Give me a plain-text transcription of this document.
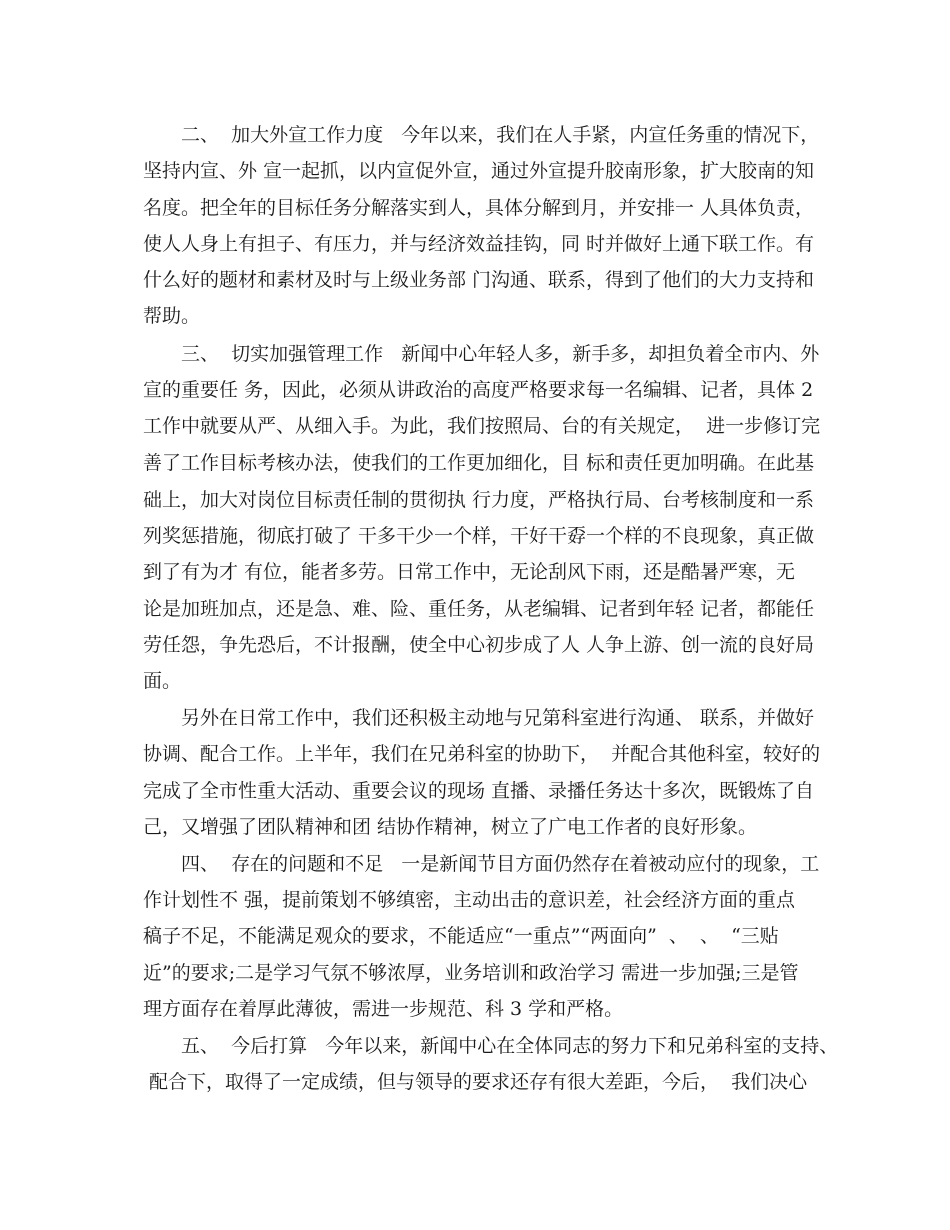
二、  加大外宣工作力度   今年以来，我们在人手紧，内宣任务重的情况下，
坚持内宣、外 宣一起抓，以内宣促外宣，通过外宣提升胶南形象，扩大胶南的知
名度。把全年的目标任务分解落实到人，具体分解到月，并安排一 人具体负责，
使人人身上有担子、有压力，并与经济效益挂钩，同 时并做好上通下联工作。有
什么好的题材和素材及时与上级业务部 门沟通、联系，得到了他们的大力支持和
帮助。
三、  切实加强管理工作   新闻中心年轻人多，新手多，却担负着全市内、外
宣的重要任 务，因此，必须从讲政治的高度严格要求每一名编辑、记者，具体 2
工作中就要从严、从细入手。为此，我们按照局、台的有关规定，  进一步修订完
善了工作目标考核办法，使我们的工作更加细化，目 标和责任更加明确。在此基
础上，加大对岗位目标责任制的贯彻执 行力度，严格执行局、台考核制度和一系
列奖惩措施，彻底打破了 干多干少一个样，干好干孬一个样的不良现象，真正做
到了有为才 有位，能者多劳。日常工作中，无论刮风下雨，还是酷暑严寒，无
论是加班加点，还是急、难、险、重任务，从老编辑、记者到年轻 记者，都能任
劳任怨，争先恐后，不计报酬，使全中心初步成了人 人争上游、创一流的良好局
面。
另外在日常工作中，我们还积极主动地与兄第科室进行沟通、 联系，并做好
协调、配合工作。上半年，我们在兄弟科室的协助下，  并配合其他科室，较好的
完成了全市性重大活动、重要会议的现场 直播、录播任务达十多次，既锻炼了自
己，又增强了团队精神和团 结协作精神，树立了广电工作者的良好形象。
四、  存在的问题和不足   一是新闻节目方面仍然存在着被动应付的现象，工
作计划性不 强，提前策划不够缜密，主动出击的意识差，社会经济方面的重点
稿子不足，不能满足观众的要求，不能适应“一重点”“两面向”  、  、  “三贴
近”的要求;二是学习气氛不够浓厚，业务培训和政治学习 需进一步加强;三是管
理方面存在着厚此薄彼，需进一步规范、科 3 学和严格。
五、  今后打算   今年以来，新闻中心在全体同志的努力下和兄弟科室的支持、
配合下，取得了一定成绩，但与领导的要求还存有很大差距，今后，  我们决心
